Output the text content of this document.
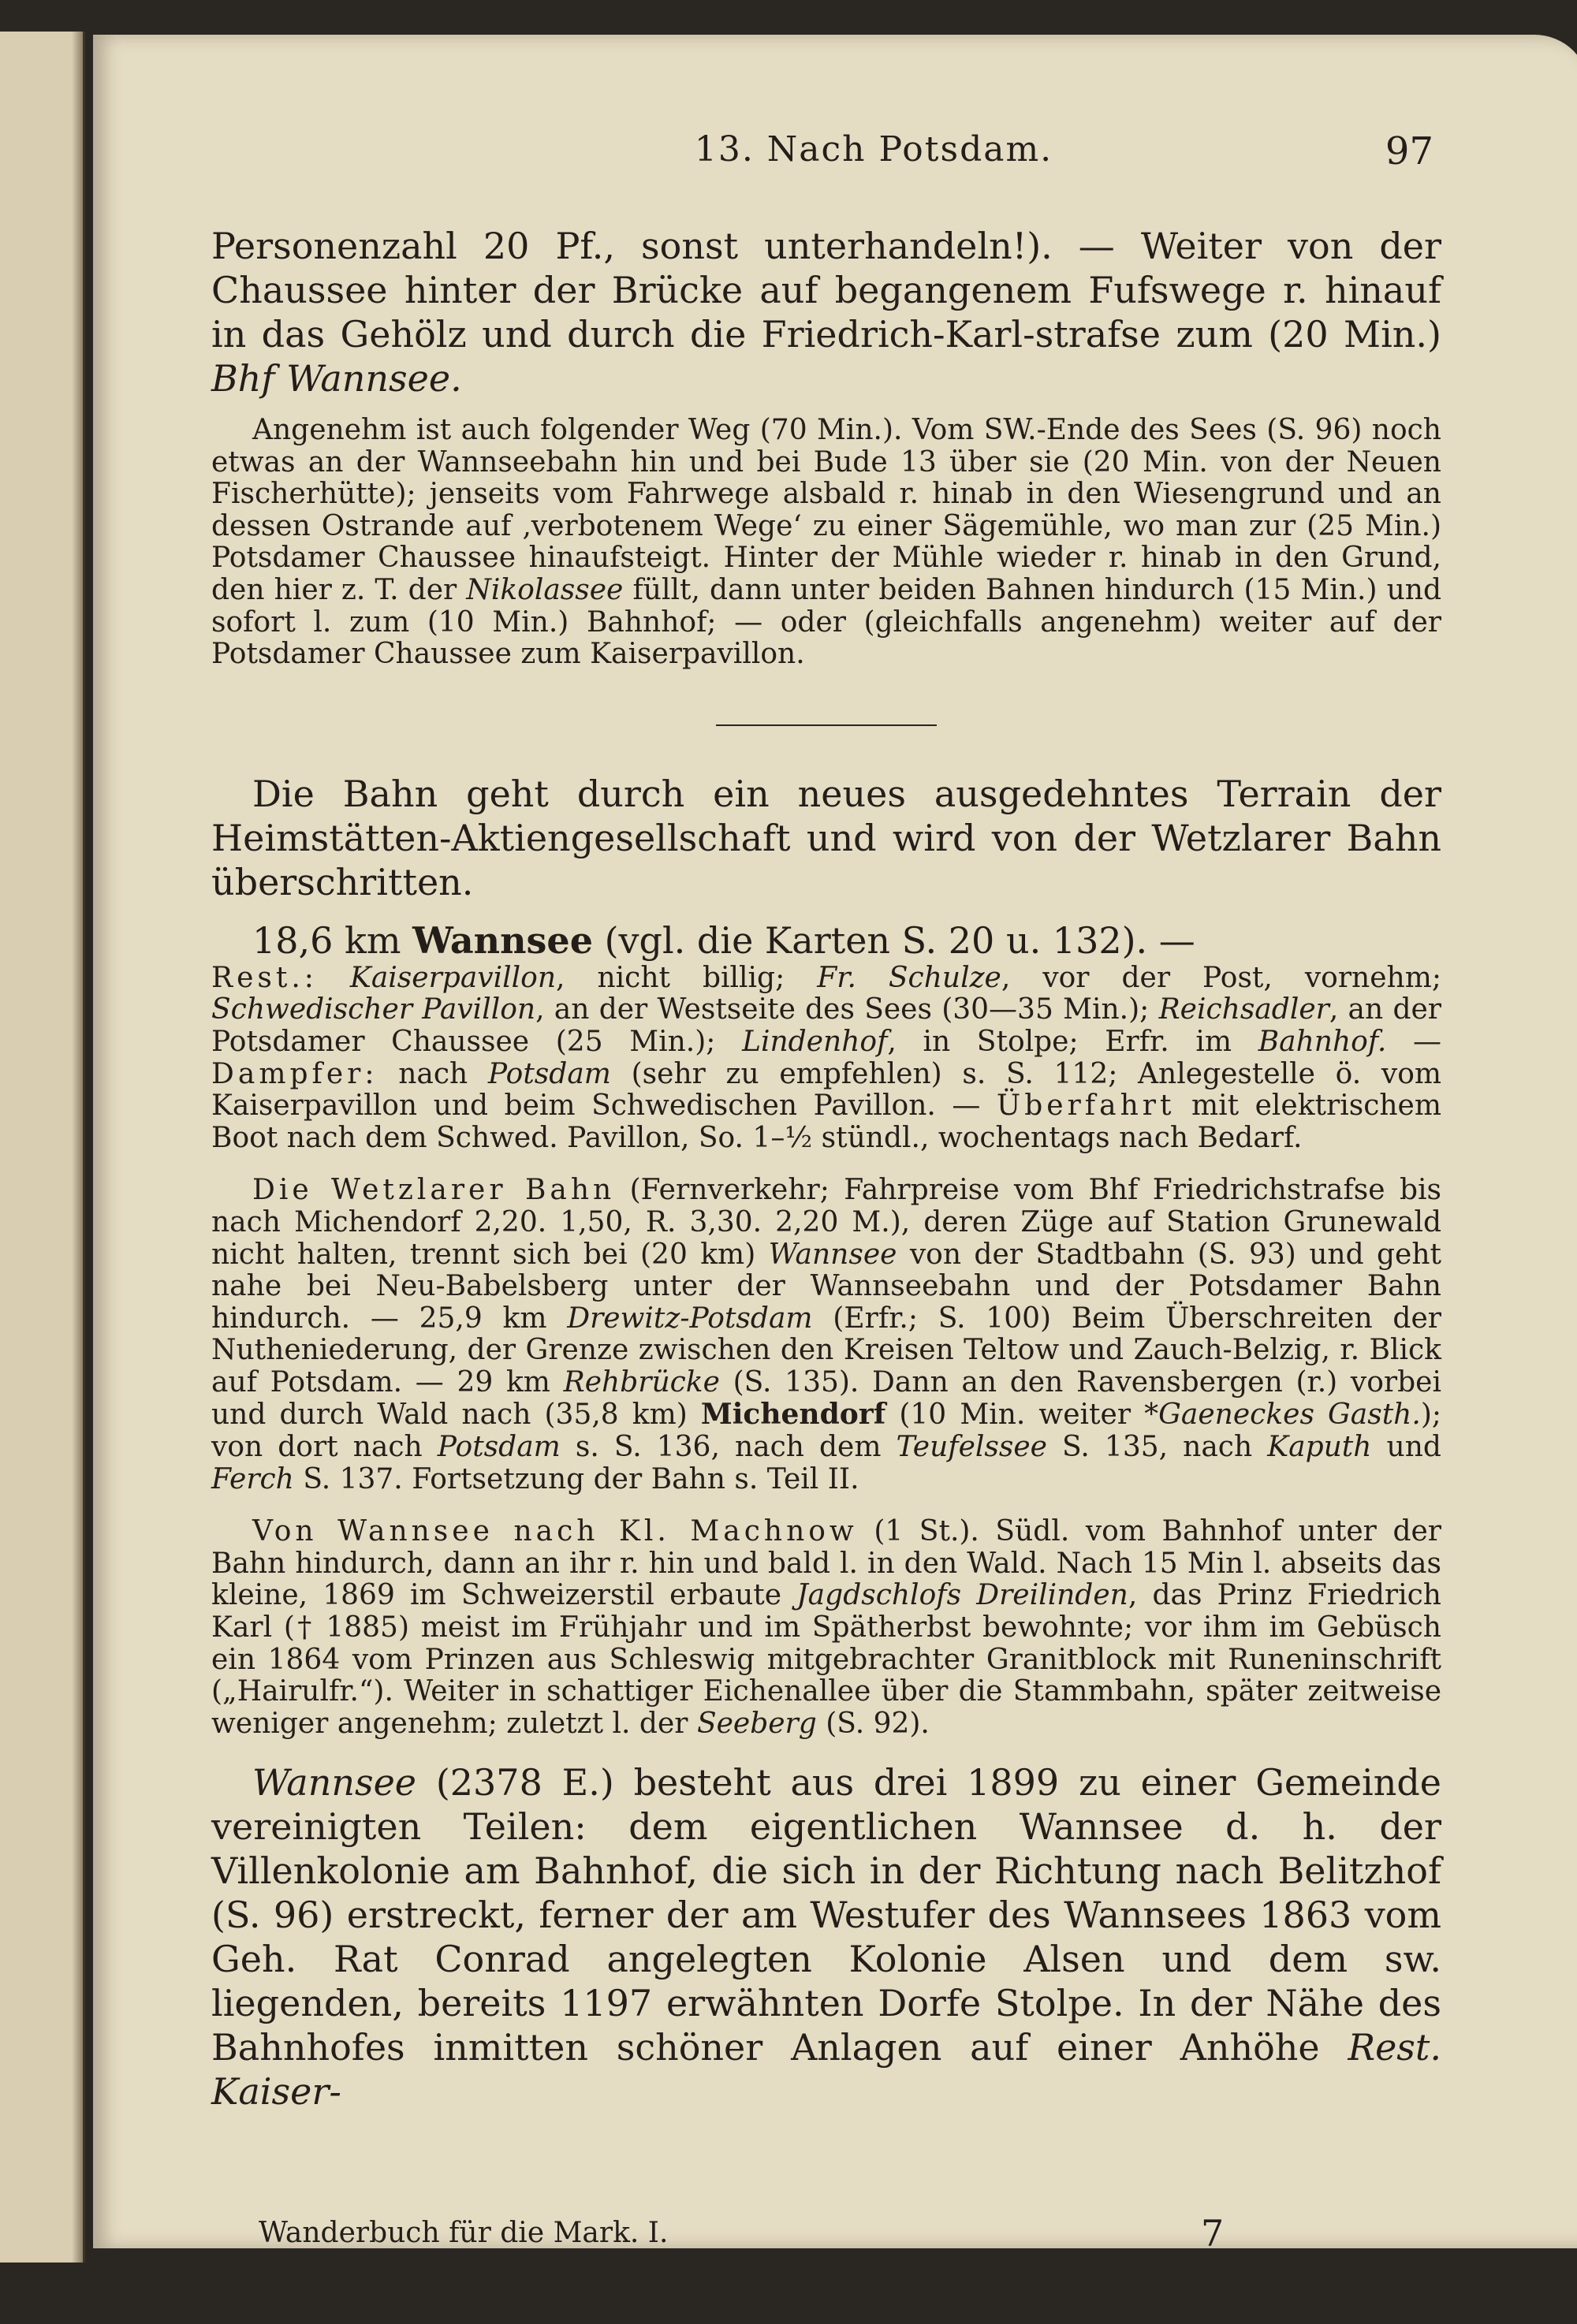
13. Nach Potsdam.	97

Personenzahl 20 Pf., sonst unterhandeln!). — Weiter von der Chaussee hinter der Brücke auf begangenem Fufswege r. hinauf in das Gehölz und durch die Friedrich-Karl-strafse zum (20 Min.) Bhf Wannsee.

Angenehm ist auch folgender Weg (70 Min.). Vom SW.-Ende des Sees (S. 96) noch etwas an der Wannseebahn hin und bei Bude 13 über sie (20 Min. von der Neuen Fischerhütte); jenseits vom Fahrwege alsbald r. hinab in den Wiesengrund und an dessen Ostrande auf ‚verbotenem Wege‘ zu einer Sägemühle, wo man zur (25 Min.) Potsdamer Chaussee hinaufsteigt. Hinter der Mühle wieder r. hinab in den Grund, den hier z. T. der Nikolassee füllt, dann unter beiden Bahnen hindurch (15 Min.) und sofort l. zum (10 Min.) Bahnhof; — oder (gleichfalls angenehm) weiter auf der Potsdamer Chaussee zum Kaiserpavillon.

Die Bahn geht durch ein neues ausgedehntes Terrain der Heimstätten-Aktiengesellschaft und wird von der Wetzlarer Bahn überschritten.

18,6 km Wannsee (vgl. die Karten S. 20 u. 132). —

Rest.: Kaiserpavillon, nicht billig; Fr. Schulze, vor der Post, vornehm; Schwedischer Pavillon, an der Westseite des Sees (30—35 Min.); Reichsadler, an der Potsdamer Chaussee (25 Min.); Lindenhof, in Stolpe; Erfr. im Bahnhof. — Dampfer: nach Potsdam (sehr zu empfehlen) s. S. 112; Anlegestelle ö. vom Kaiserpavillon und beim Schwedischen Pavillon. — Überfahrt mit elektrischem Boot nach dem Schwed. Pavillon, So. 1–½ stündl., wochentags nach Bedarf.

Die Wetzlarer Bahn (Fernverkehr; Fahrpreise vom Bhf Friedrichstrafse bis nach Michendorf 2,20. 1,50, R. 3,30. 2,20 M.), deren Züge auf Station Grunewald nicht halten, trennt sich bei (20 km) Wannsee von der Stadtbahn (S. 93) und geht nahe bei Neu-Babelsberg unter der Wannseebahn und der Potsdamer Bahn hindurch. — 25,9 km Drewitz-Potsdam (Erfr.; S. 100) Beim Überschreiten der Nutheniederung, der Grenze zwischen den Kreisen Teltow und Zauch-Belzig, r. Blick auf Potsdam. — 29 km Rehbrücke (S. 135). Dann an den Ravensbergen (r.) vorbei und durch Wald nach (35,8 km) Michendorf (10 Min. weiter *Gaeneckes Gasth.); von dort nach Potsdam s. S. 136, nach dem Teufelssee S. 135, nach Kaputh und Ferch S. 137. Fortsetzung der Bahn s. Teil II.

Von Wannsee nach Kl. Machnow (1 St.). Südl. vom Bahnhof unter der Bahn hindurch, dann an ihr r. hin und bald l. in den Wald. Nach 15 Min l. abseits das kleine, 1869 im Schweizerstil erbaute Jagdschlofs Dreilinden, das Prinz Friedrich Karl († 1885) meist im Frühjahr und im Spätherbst bewohnte; vor ihm im Gebüsch ein 1864 vom Prinzen aus Schleswig mitgebrachter Granitblock mit Runeninschrift („Hairulfr.“). Weiter in schattiger Eichenallee über die Stammbahn, später zeitweise weniger angenehm; zuletzt l. der Seeberg (S. 92).

Wannsee (2378 E.) besteht aus drei 1899 zu einer Gemeinde vereinigten Teilen: dem eigentlichen Wannsee d. h. der Villenkolonie am Bahnhof, die sich in der Richtung nach Belitzhof (S. 96) erstreckt, ferner der am Westufer des Wannsees 1863 vom Geh. Rat Conrad angelegten Kolonie Alsen und dem sw. liegenden, bereits 1197 erwähnten Dorfe Stolpe. In der Nähe des Bahnhofes inmitten schöner Anlagen auf einer Anhöhe Rest. Kaiser-

Wanderbuch für die Mark. I.	7
